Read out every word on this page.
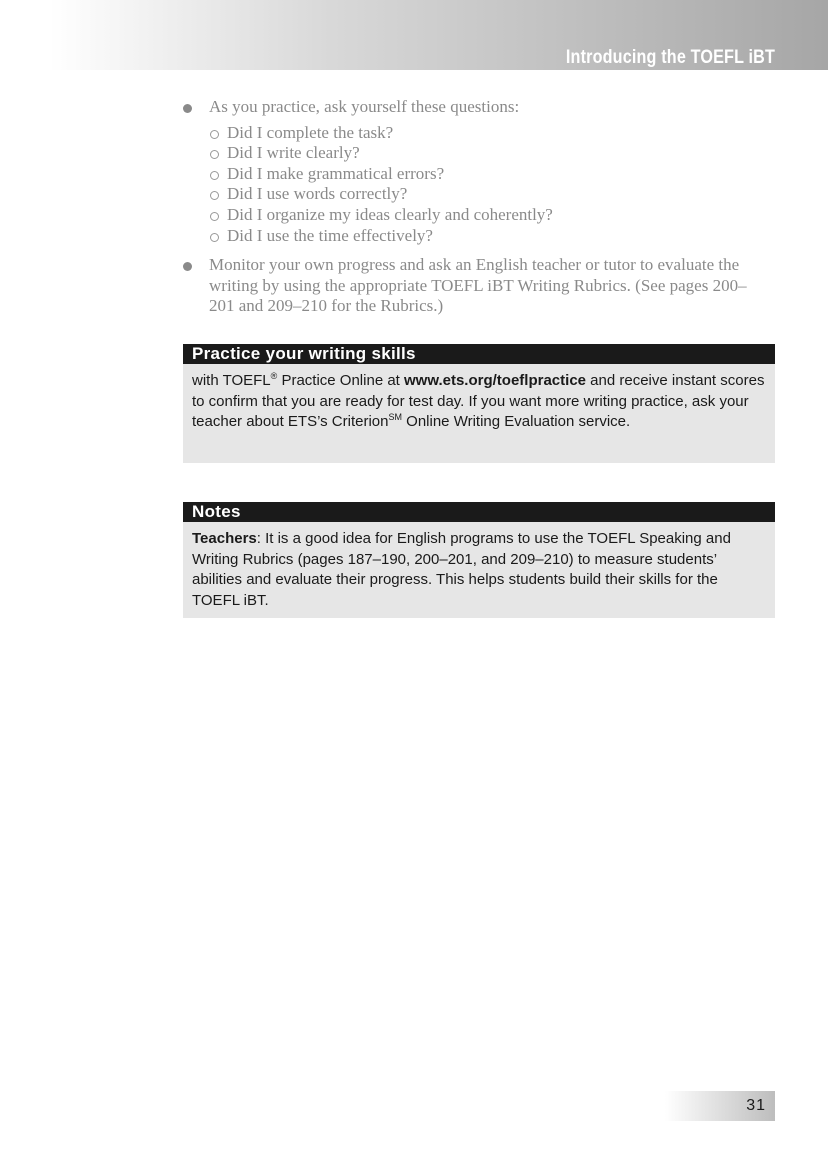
Introducing the TOEFL iBT
As you practice, ask yourself these questions:
Did I complete the task?
Did I write clearly?
Did I make grammatical errors?
Did I use words correctly?
Did I organize my ideas clearly and coherently?
Did I use the time effectively?
Monitor your own progress and ask an English teacher or tutor to evaluate the writing by using the appropriate TOEFL iBT Writing Rubrics. (See pages 200–201 and 209–210 for the Rubrics.)
Practice your writing skills
with TOEFL® Practice Online at www.ets.org/toeflpractice and receive instant scores to confirm that you are ready for test day. If you want more writing practice, ask your teacher about ETS’s Criterion℠ Online Writing Evaluation service.
Notes
Teachers: It is a good idea for English programs to use the TOEFL Speaking and Writing Rubrics (pages 187–190, 200–201, and 209–210) to measure students’ abilities and evaluate their progress. This helps students build their skills for the TOEFL iBT.
31
